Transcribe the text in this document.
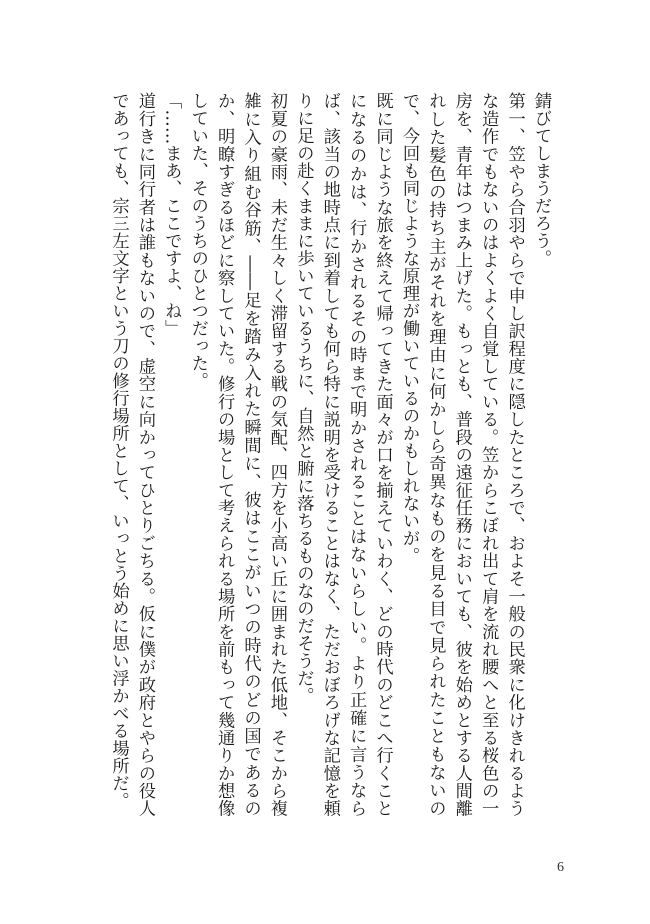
錆びてしまうだろう。

第一、笠やら合羽やらで申し訳程度に隠したところで、およそ一般の民衆に化けきれるような造作でもないのはよくよく自覚している。笠からこぼれ出て肩を流れ腰へと至る桜色の一房を、青年はつまみ上げた。もっとも、普段の遠征任務においても、彼を始めとする人間離れした髪色の持ち主がそれを理由に何かしら奇異なものを見る目で見られたこともないので、今回も同じような原理が働いているのかもしれないが。

既に同じような旅を終えて帰ってきた面々が口を揃えていわく、どの時代のどこへ行くことになるのかは、行かされるその時まで明かされることはないらしい。より正確に言うならば、該当の地時点に到着しても何ら特に説明を受けることはなく、ただおぼろげな記憶を頼りに足の赴くままに歩いているうちに、自然と腑に落ちるものなのだそうだ。

初夏の豪雨、未だ生々しく滞留する戦の気配、四方を小高い丘に囲まれた低地、そこから複雑に入り組む谷筋、――足を踏み入れた瞬間に、彼はここがいつの時代のどの国であるのか、明瞭すぎるほどに察していた。修行の場として考えられる場所を前もって幾通りか想像していた、そのうちのひとつだった。

「……まあ、ここですよ、ね」

道行きに同行者は誰もないので、虚空に向かってひとりごちる。仮に僕が政府とやらの役人であっても、宗三左文字という刀の修行場所として、いっとう始めに思い浮かべる場所だ。

6
